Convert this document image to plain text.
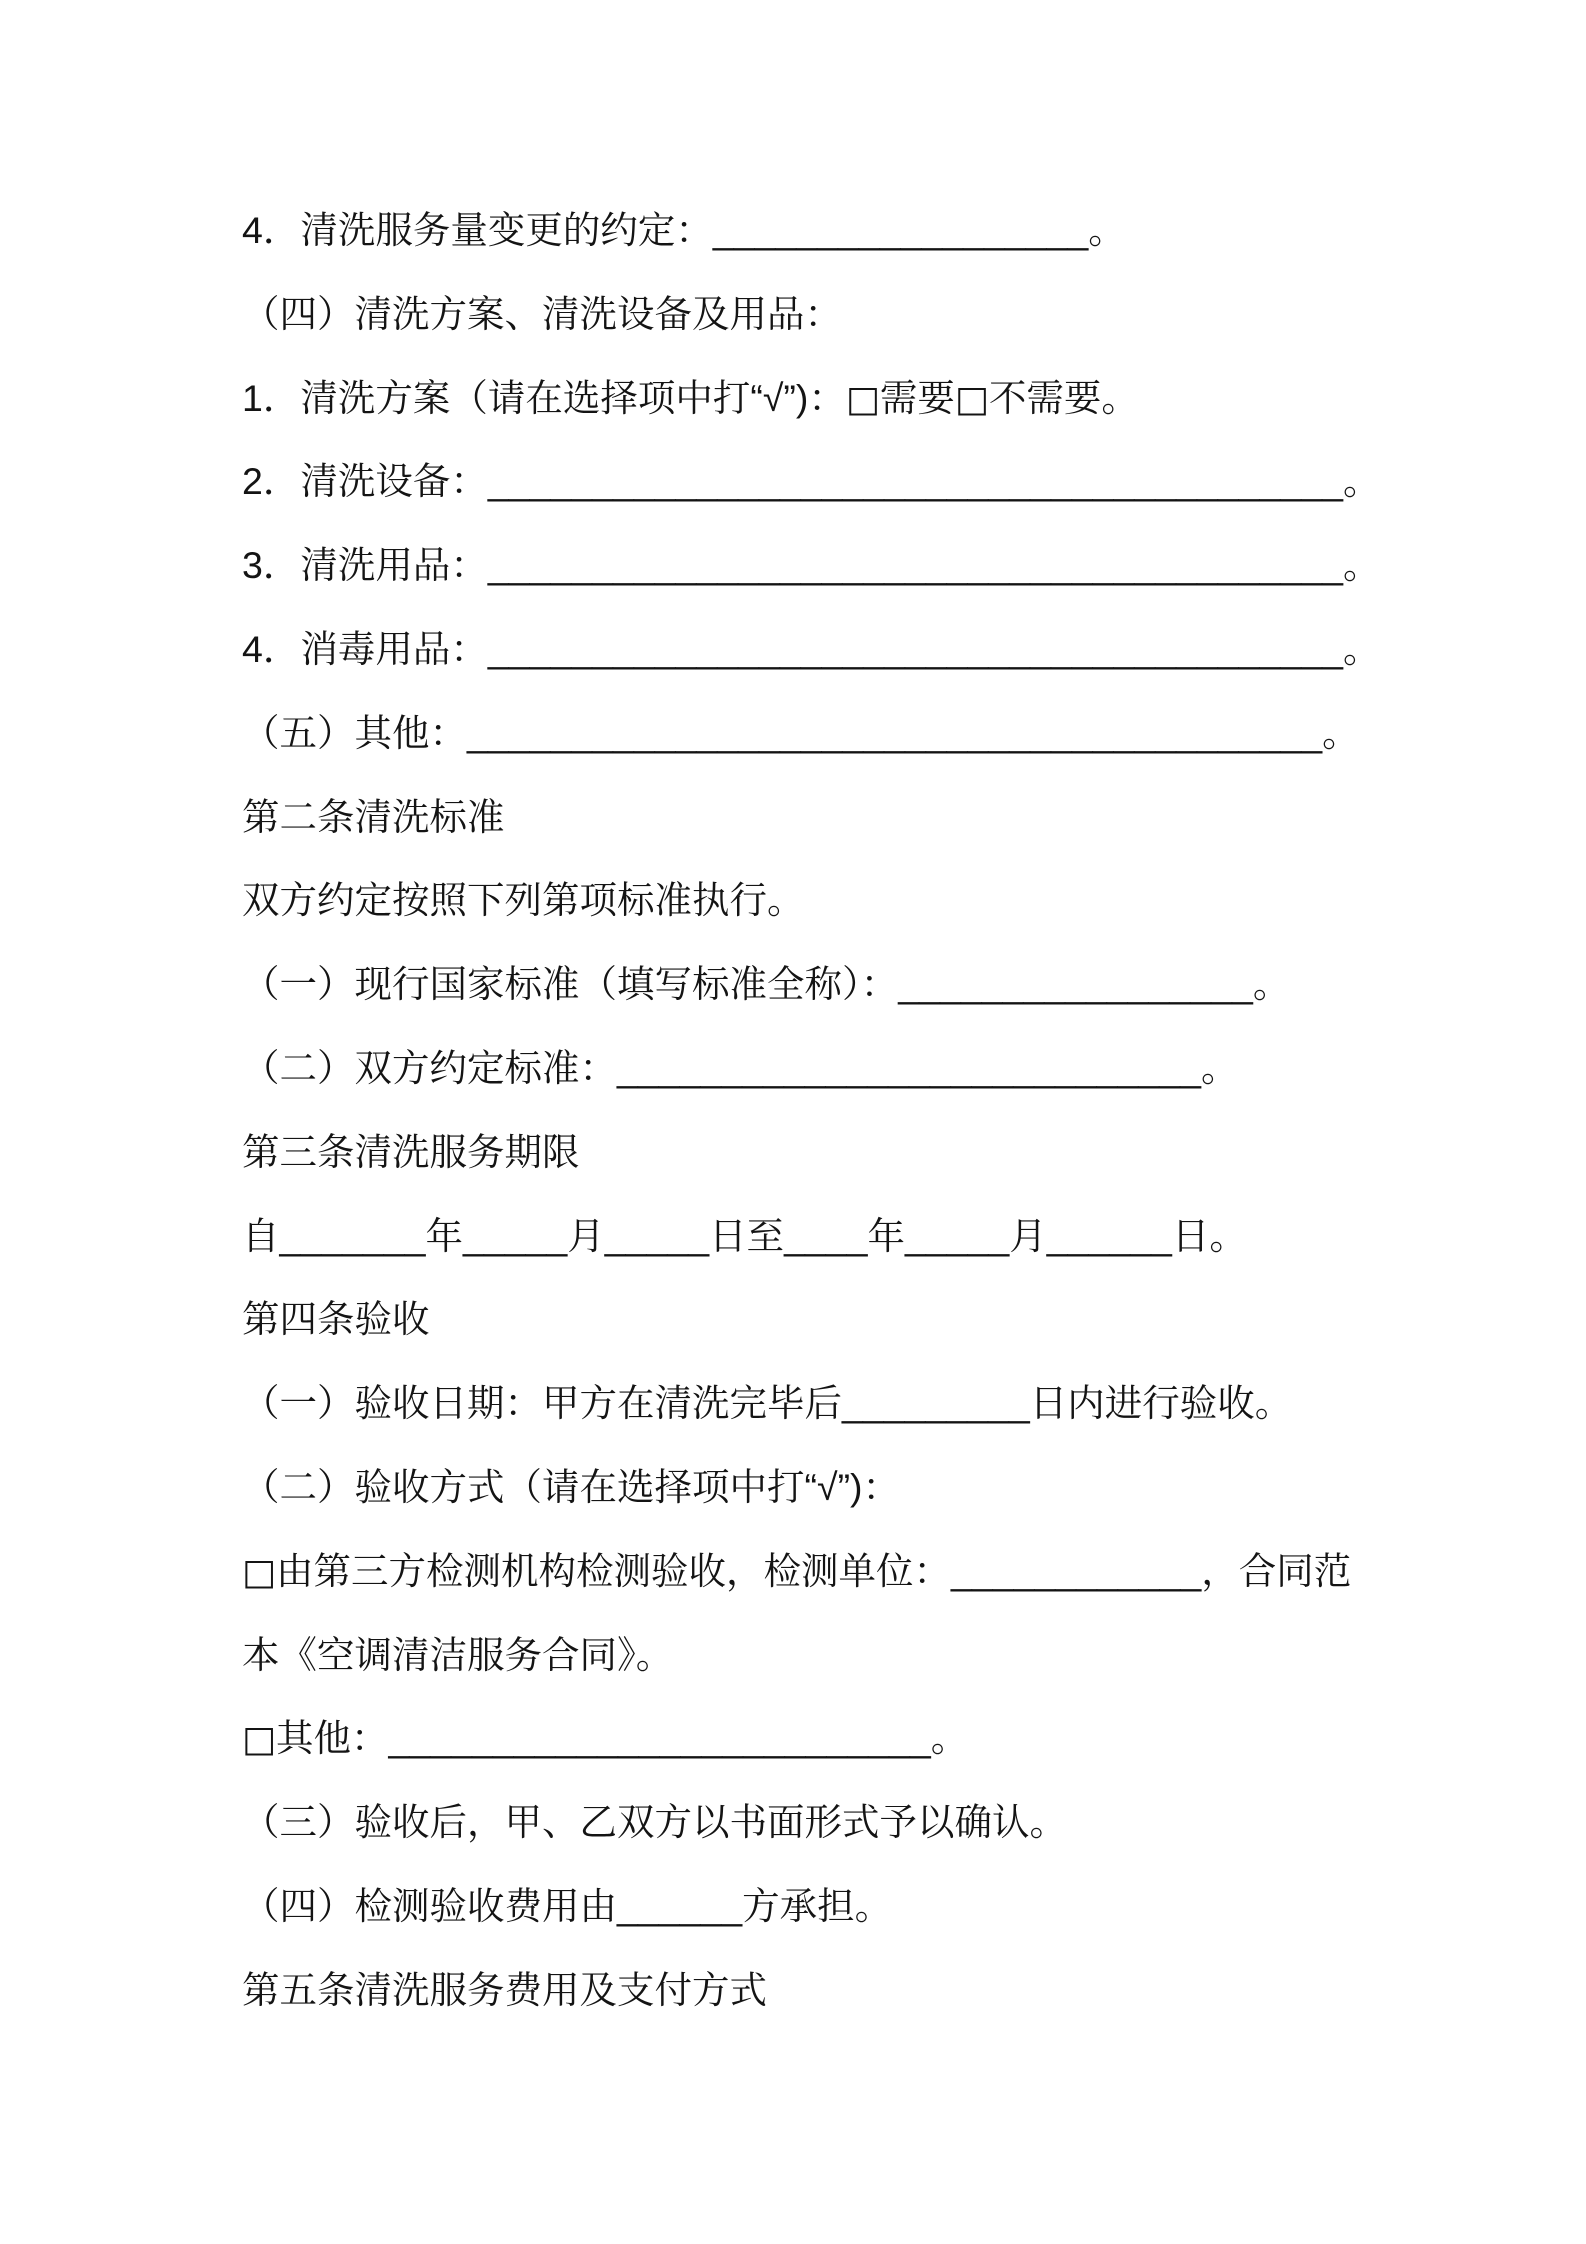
4．清洗服务量变更的约定：__________________。
（四）清洗方案、清洗设备及用品：
1．清洗方案（请在选择项中打“√”)：□需要□不需要。
2．清洗设备：_________________________________________。
3．清洗用品：_________________________________________。
4．消毒用品：_________________________________________。
（五）其他：_________________________________________。
第二条清洗标准
双方约定按照下列第项标准执行。
（一）现行国家标准（填写标准全称）：_________________。
（二）双方约定标准：____________________________。
第三条清洗服务期限
自_______年_____月_____日至____年_____月______日。
第四条验收
（一）验收日期：甲方在清洗完毕后_________日内进行验收。
（二）验收方式（请在选择项中打“√”)：
□由第三方检测机构检测验收，检测单位：____________，合同范
本《空调清洁服务合同》。
□其他：__________________________。
（三）验收后，甲、乙双方以书面形式予以确认。
（四）检测验收费用由______方承担。
第五条清洗服务费用及支付方式
